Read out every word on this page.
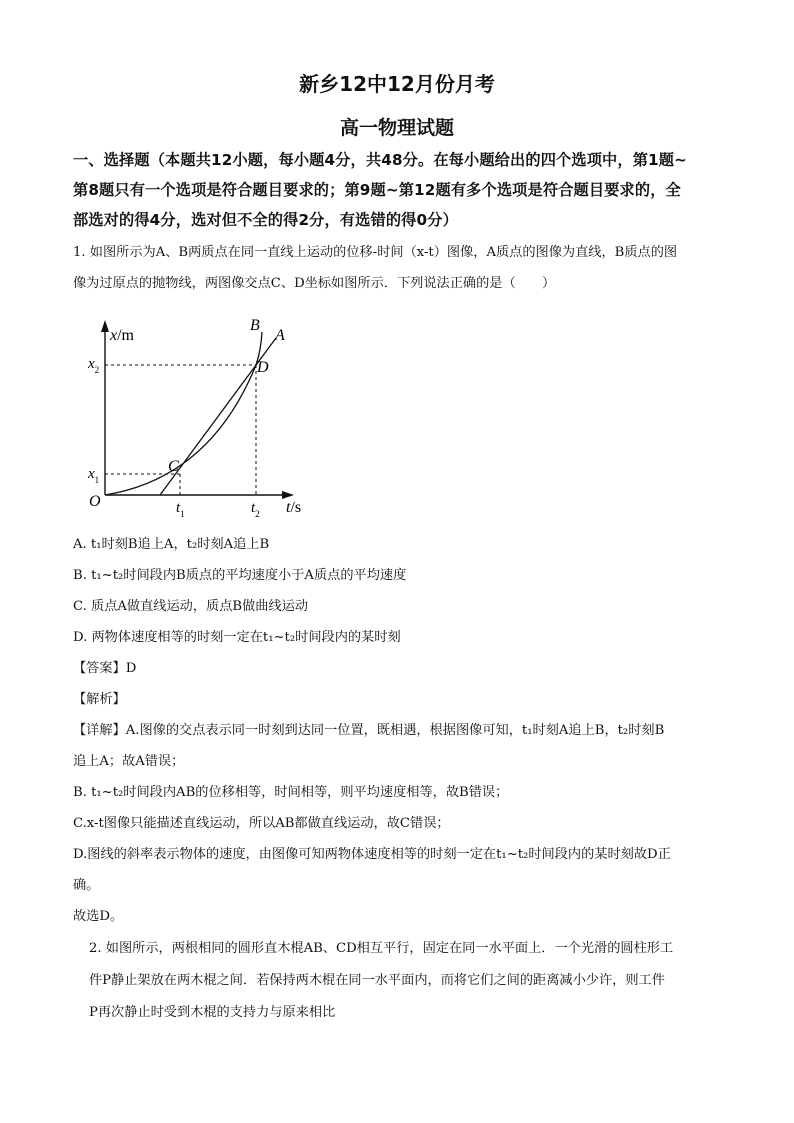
新乡12中12月份月考
高一物理试题
一、选择题（本题共12小题，每小题4分，共48分。在每小题给出的四个选项中，第1题~
第8题只有一个选项是符合题目要求的；第9题~第12题有多个选项是符合题目要求的，全
部选对的得4分，选对但不全的得2分，有选错的得0分）
1. 如图所示为A、B两质点在同一直线上运动的位移-时间（x-t）图像，A质点的图像为直线，B质点的图
像为过原点的抛物线，两图像交点C、D坐标如图所示．下列说法正确的是（　　）
x/m
t/s
O
$x_1$
$x_2$
$t_1$	$t_2$
C
D
B
A
A. t₁时刻B追上A，t₂时刻A追上B
B. t₁~t₂时间段内B质点的平均速度小于A质点的平均速度
C. 质点A做直线运动，质点B做曲线运动
D. 两物体速度相等的时刻一定在t₁~t₂时间段内的某时刻
【答案】D
【解析】
【详解】A.图像的交点表示同一时刻到达同一位置，既相遇，根据图像可知，t₁时刻A追上B，t₂时刻B
追上A；故A错误；
B. t₁~t₂时间段内AB的位移相等，时间相等，则平均速度相等，故B错误；
C.x-t图像只能描述直线运动，所以AB都做直线运动，故C错误；
D.图线的斜率表示物体的速度，由图像可知两物体速度相等的时刻一定在t₁~t₂时间段内的某时刻故D正
确。
故选D。
2. 如图所示，两根相同的圆形直木棍AB、CD相互平行，固定在同一水平面上．一个光滑的圆柱形工
件P静止架放在两木棍之间．若保持两木棍在同一水平面内，而将它们之间的距离减小少许，则工件
P再次静止时受到木棍的支持力与原来相比
